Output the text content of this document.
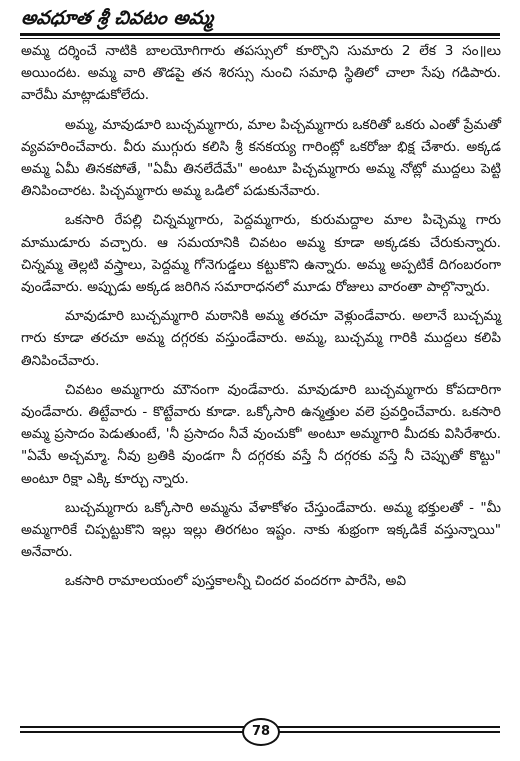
అవధూత శ్రీ చివటం అమ్మ

అమ్మ దర్శించే నాటికి బాలయోగిగారు తపస్సులో కూర్చొని సుమారు 2 లేక 3 సం॥లు అయిందట. అమ్మ వారి తొడపై తన శిరస్సు నుంచి సమాధి స్థితిలో చాలా సేపు గడిపారు. వారేమీ మాట్లాడుకోలేదు.

అమ్మ, మావుడూరి బుచ్చమ్మగారు, మాల పిచ్చమ్మగారు ఒకరితో ఒకరు ఎంతో ప్రేమతో వ్యవహరించేవారు. వీరు ముగ్గురు కలిసి శ్రీ కనకయ్య గారింట్లో ఒకరోజు భిక్ష చేశారు. అక్కడ అమ్మ ఏమీ తినకపోతే, "ఏమీ తినలేదేమే" అంటూ పిచ్చమ్మగారు అమ్మ నోట్లో ముద్దలు పెట్టి తినిపించారట. పిచ్చమ్మగారు అమ్మ ఒడిలో పడుకునేవారు.

ఒకసారి రేపల్లి చిన్నమ్మగారు, పెద్దమ్మగారు, కురుమద్దాల మాల పిచ్చెమ్మ గారు మాముడూరు వచ్చారు. ఆ సమయానికి చివటం అమ్మ కూడా అక్కడకు చేరుకున్నారు. చిన్నమ్మ తెల్లటి వస్త్రాలు, పెద్దమ్మ గోనెగుడ్డలు కట్టుకొని ఉన్నారు. అమ్మ అప్పటికే దిగంబరంగా వుండేవారు. అప్పుడు అక్కడ జరిగిన సమారాధనలో మూడు రోజులు వారంతా పాల్గొన్నారు.

మావుడూరి బుచ్చమ్మగారి మఠానికి అమ్మ తరచూ వెళ్లుండేవారు. అలానే బుచ్చమ్మ గారు కూడా తరచూ అమ్మ దగ్గరకు వస్తుండేవారు. అమ్మ, బుచ్చమ్మ గారికి ముద్దలు కలిపి తినిపించేవారు.

చివటం అమ్మగారు మౌనంగా వుండేవారు. మావుడూరి బుచ్చమ్మగారు కోపదారిగా వుండేవారు. తిట్టేవారు - కొట్టేవారు కూడా. ఒక్కోసారి ఉన్మత్తుల వలె ప్రవర్తించేవారు. ఒకసారి అమ్మ ప్రసాదం పెడుతుంటే, 'నీ ప్రసాదం నీవే వుంచుకో' అంటూ అమ్మగారి మీదకు విసిరేశారు. "ఏమే అచ్చమ్మా. నీవు బ్రతికి వుండగా నీ దగ్గరకు వస్తే నీ దగ్గరకు వస్తే నీ చెప్పుతో కొట్టు" అంటూ రిక్షా ఎక్కి కూర్చు న్నారు.

బుచ్చమ్మగారు ఒక్కోసారి అమ్మను వేళాకోళం చేస్తుండేవారు. అమ్మ భక్తులతో - "మీ అమ్మగారికే చిప్పట్టుకొని ఇల్లు ఇల్లు తిరగటం ఇష్టం. నాకు శుభ్రంగా ఇక్కడికే వస్తున్నాయి" అనేవారు.

ఒకసారి రామాలయంలో పుస్తకాలన్నీ చిందర వందరగా పారేసి, అవి

78
